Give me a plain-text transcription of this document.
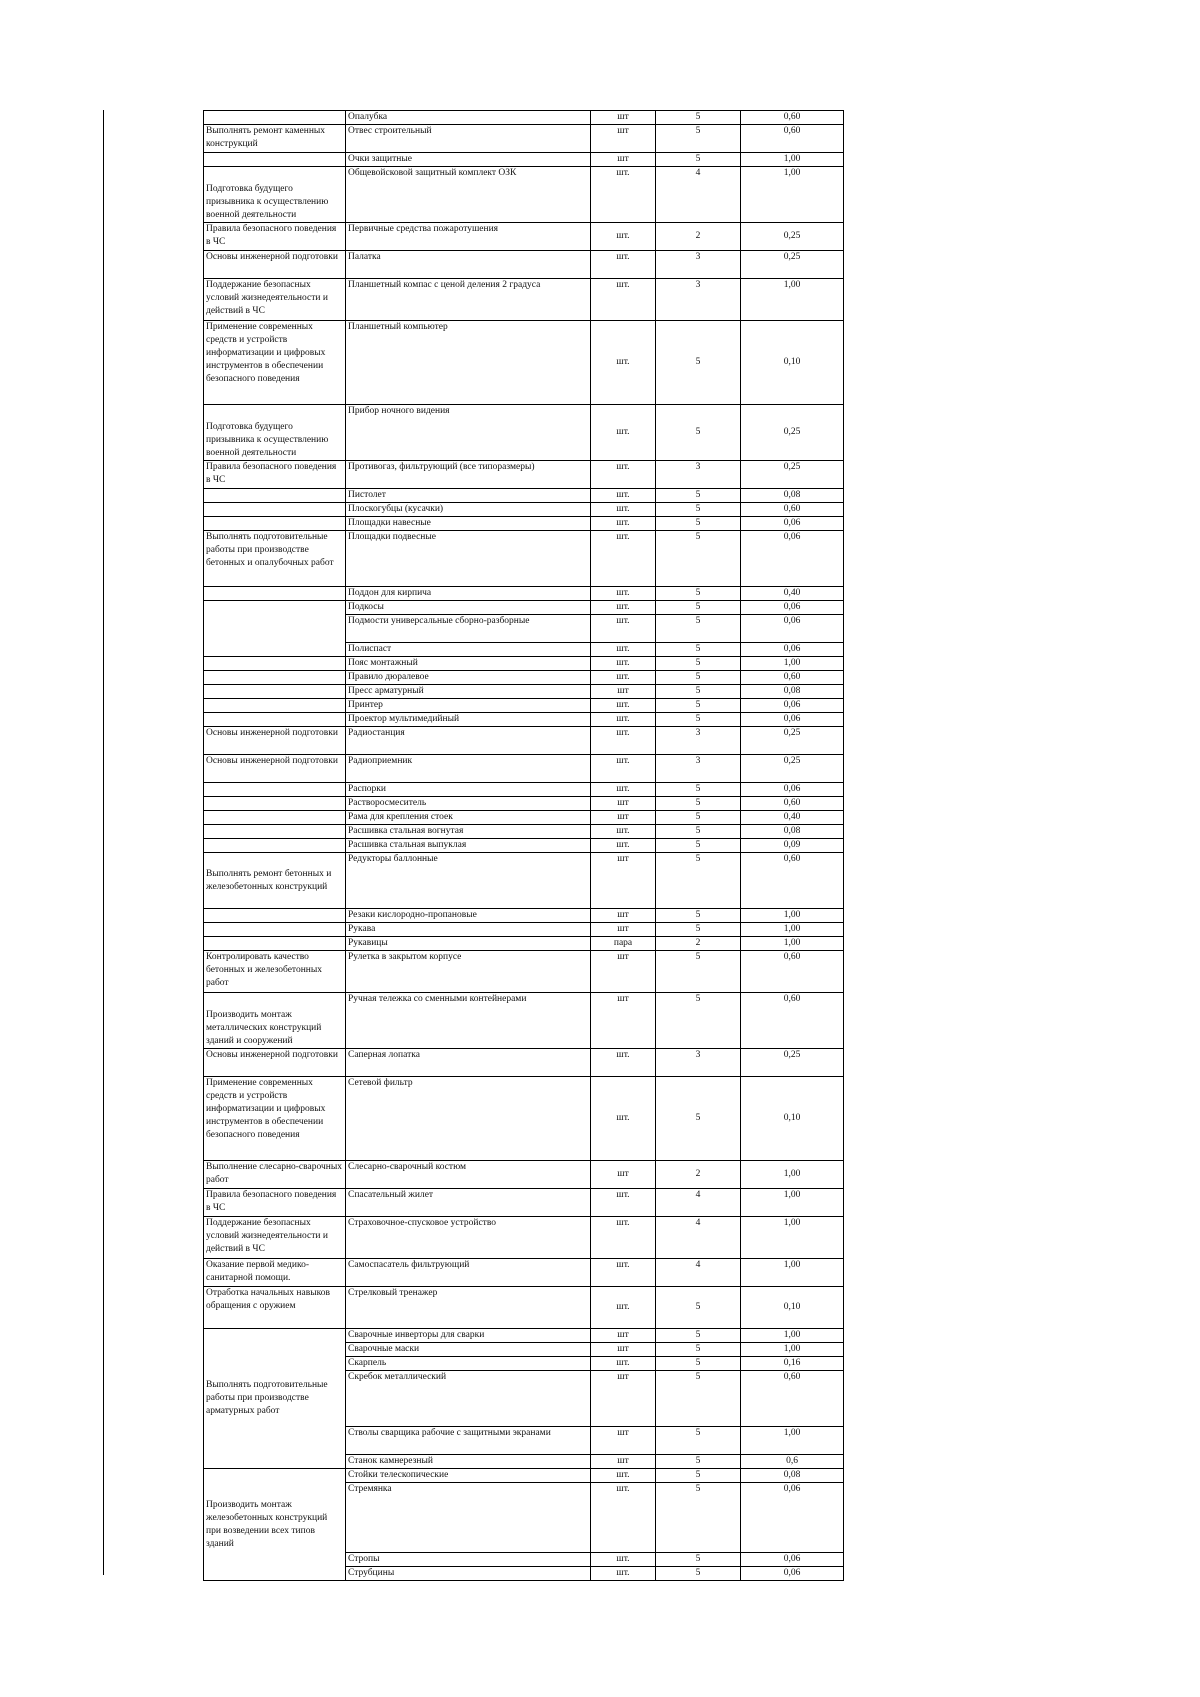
	Опалубка	шт	5	0,60
Выполнять ремонт каменных конструкций	Отвес строительный	шт	5	0,60
	Очки защитные	шт	5	1,00
Подготовка будущего призывника к осуществлению военной деятельности	Общевойсковой защитный комплект ОЗК	шт.	4	1,00
Правила безопасного поведения в ЧС	Первичные средства пожаротушения	шт.	2	0,25
Основы инженерной подготовки	Палатка	шт.	3	0,25
Поддержание безопасных условий жизнедеятельности и действий в ЧС	Планшетный компас с ценой деления 2 градуса	шт.	3	1,00
Применение современных средств и устройств информатизации и цифровых инструментов в обеспечении безопасного поведения	Планшетный компьютер	шт.	5	0,10
Подготовка будущего призывника к осуществлению военной деятельности	Прибор ночного видения	шт.	5	0,25
Правила безопасного поведения в ЧС	Противогаз, фильтрующий (все типоразмеры)	шт.	3	0,25
	Пистолет	шт.	5	0,08
	Плоскогубцы (кусачки)	шт.	5	0,60
	Площадки навесные	шт.	5	0,06
Выполнять подготовительные работы при производстве бетонных и опалубочных работ	Площадки подвесные	шт.	5	0,06
	Поддон для кирпича	шт.	5	0,40
	Подкосы	шт.	5	0,06
	Подмости универсальные сборно-разборные	шт.	5	0,06
	Полиспаст	шт.	5	0,06
	Пояс монтажный	шт.	5	1,00
	Правило дюралевое	шт.	5	0,60
	Пресс арматурный	шт	5	0,08
	Принтер	шт.	5	0,06
	Проектор мультимедийный	шт.	5	0,06
Основы инженерной подготовки	Радиостанция	шт.	3	0,25
Основы инженерной подготовки	Радиоприемник	шт.	3	0,25
	Распорки	шт.	5	0,06
	Растворосмеситель	шт	5	0,60
	Рама для крепления стоек	шт	5	0,40
	Расшивка стальная вогнутая	шт.	5	0,08
	Расшивка стальная выпуклая	шт.	5	0,09
Выполнять ремонт бетонных и железобетонных конструкций	Редукторы баллонные	шт	5	0,60
	Резаки кислородно-пропановые	шт	5	1,00
	Рукава	шт	5	1,00
	Рукавицы	пара	2	1,00
Контролировать качество бетонных и железобетонных работ	Рулетка в закрытом корпусе	шт	5	0,60
Производить монтаж металлических конструкций зданий и сооружений	Ручная тележка со сменными контейнерами	шт	5	0,60
Основы инженерной подготовки	Саперная лопатка	шт.	3	0,25
Применение современных средств и устройств информатизации и цифровых инструментов в обеспечении безопасного поведения	Сетевой фильтр	шт.	5	0,10
Выполнение слесарно-сварочных работ	Слесарно-сварочный костюм	шт	2	1,00
Правила безопасного поведения в ЧС	Спасательный жилет	шт.	4	1,00
Поддержание безопасных условий жизнедеятельности и действий в ЧС	Страховочное-спусковое устройство	шт.	4	1,00
Оказание первой медико-санитарной помощи.	Самоспасатель фильтрующий	шт.	4	1,00
Отработка начальных навыков обращения с оружием	Стрелковый тренажер	шт.	5	0,10
Выполнять подготовительные работы при производстве арматурных работ	Сварочные инверторы для сварки	шт	5	1,00
	Сварочные маски	шт	5	1,00
	Скарпель	шт.	5	0,16
	Скребок металлический	шт	5	0,60
	Стволы сварщика рабочие с защитными экранами	шт	5	1,00
	Станок камнерезный	шт	5	0,6
Производить монтаж железобетонных конструкций при возведении всех типов зданий	Стойки телескопические	шт.	5	0,08
	Стремянка	шт.	5	0,06
	Стропы	шт.	5	0,06
	Струбцины	шт.	5	0,06
